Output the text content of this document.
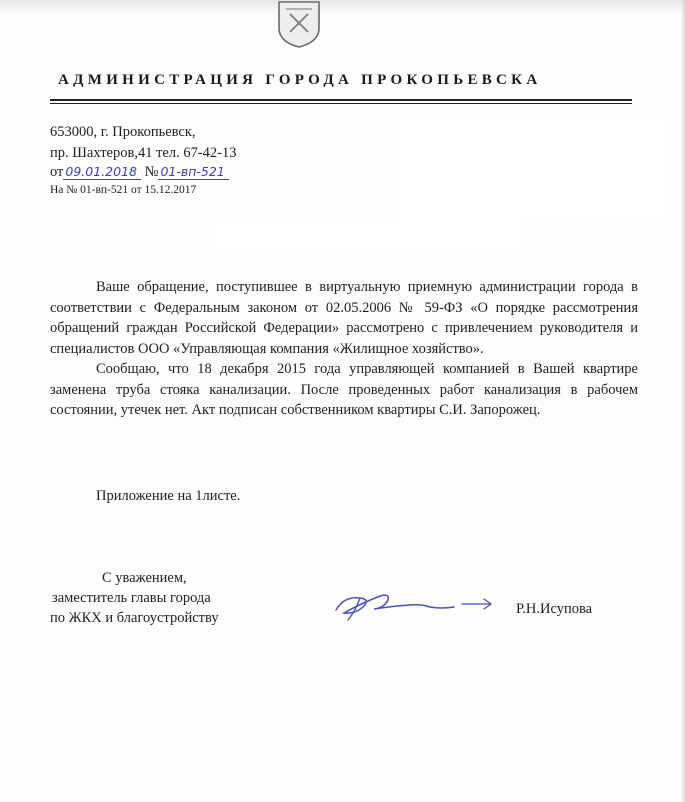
АДМИНИСТРАЦИЯ ГОРОДА ПРОКОПЬЕВСКА
653000, г. Прокопьевск,
пр. Шахтеров,41 тел. 67-42-13
от 09.01.2018 № 01-вп-521
На № 01-вп-521 от 15.12.2017

Ваше обращение, поступившее в виртуальную приемную администрации города в соответствии с Федеральным законом от 02.05.2006 № 59-ФЗ «О порядке рассмотрения обращений граждан Российской Федерации» рассмотрено с привлечением руководителя и специалистов ООО «Управляющая компания «Жилищное хозяйство».

Сообщаю, что 18 декабря 2015 года управляющей компанией в Вашей квартире заменена труба стояка канализации. После проведенных работ канализация в рабочем состоянии, утечек нет. Акт подписан собственником квартиры С.И. Запорожец.

Приложение на 1листе.
С уважением,
заместитель главы города
по ЖКХ и благоустройству
Р.Н.Исупова
